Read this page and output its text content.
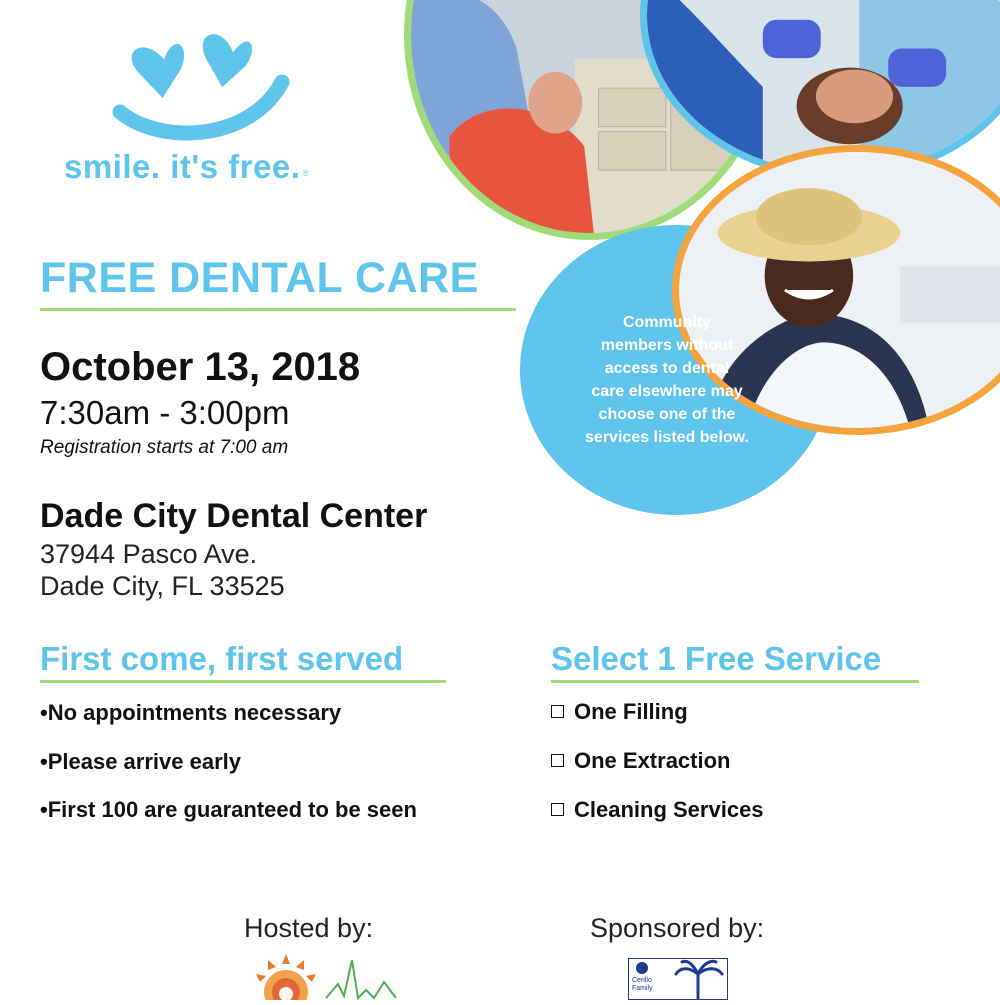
smile. it's free. ®
Community
members without
access to dental
care elsewhere may
choose one of the
services listed below.
FREE DENTAL CARE
October 13, 2018
7:30am - 3:00pm
Registration starts at 7:00 am
Dade City Dental Center
37944 Pasco Ave.
Dade City, FL 33525
First come, first served
•No appointments necessary
•Please arrive early
•First 100 are guaranteed to be seen
Select 1 Free Service
One Filling
One Extraction
Cleaning Services
Hosted by:	Sponsored by:
Cerillo Family
